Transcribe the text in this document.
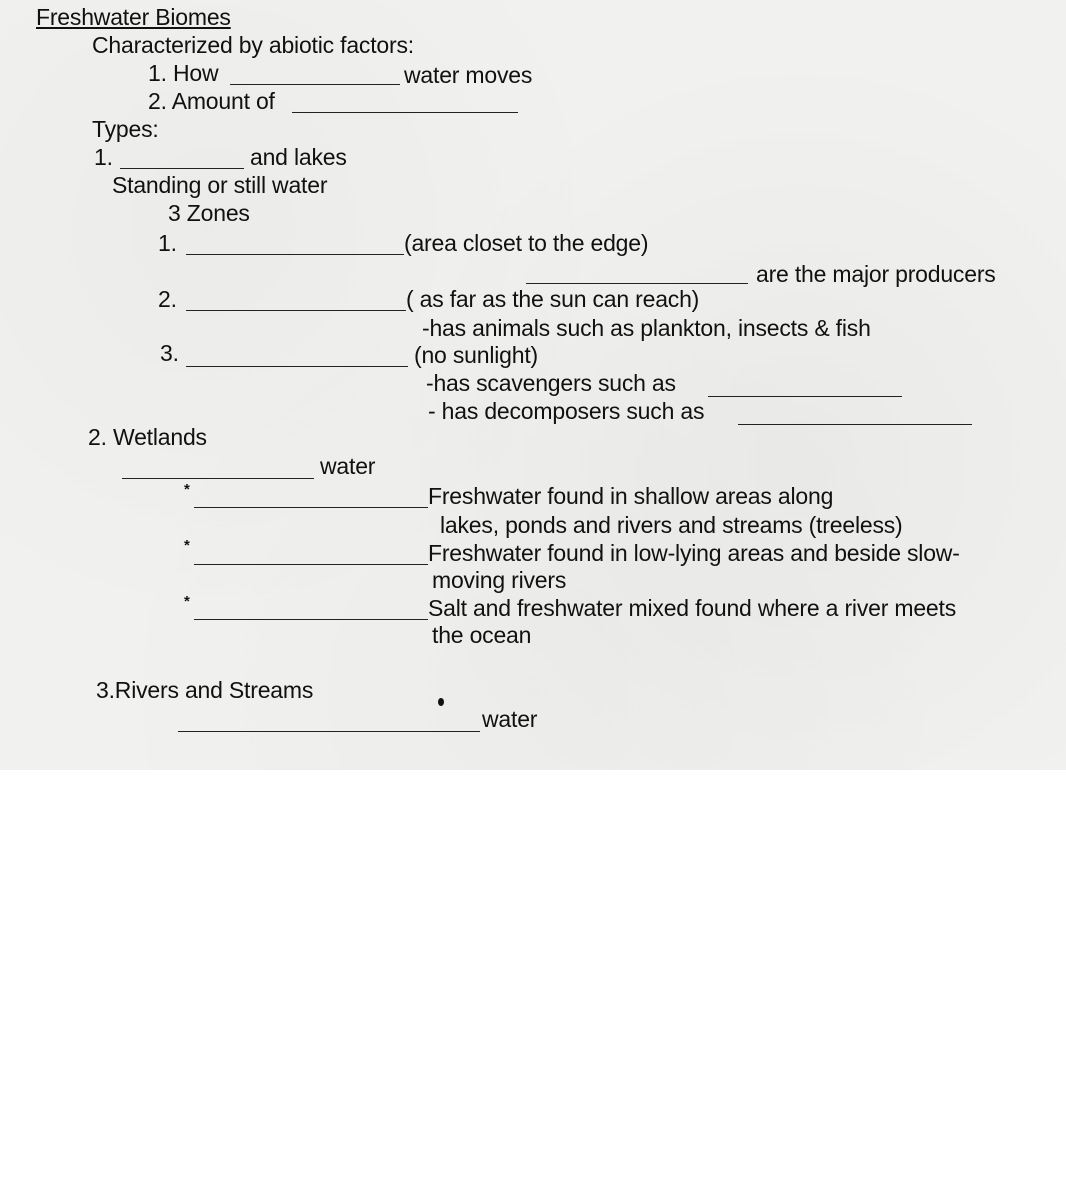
Freshwater Biomes
Characterized by abiotic factors:
1. How	water moves
2. Amount of
Types:
1.	and lakes
Standing or still water
3 Zones
1.	(area closet to the edge)
are the major producers
2.	( as far as the sun can reach)
-has animals such as plankton, insects & fish
3.	(no sunlight)
-has scavengers such as
- has decomposers such as
2. Wetlands
water
*	Freshwater found in shallow areas along
lakes, ponds and rivers and streams (treeless)
*	Freshwater found in low-lying areas and beside slow-
moving rivers
*	Salt and freshwater mixed found where a river meets
the ocean
3.Rivers and Streams
water
